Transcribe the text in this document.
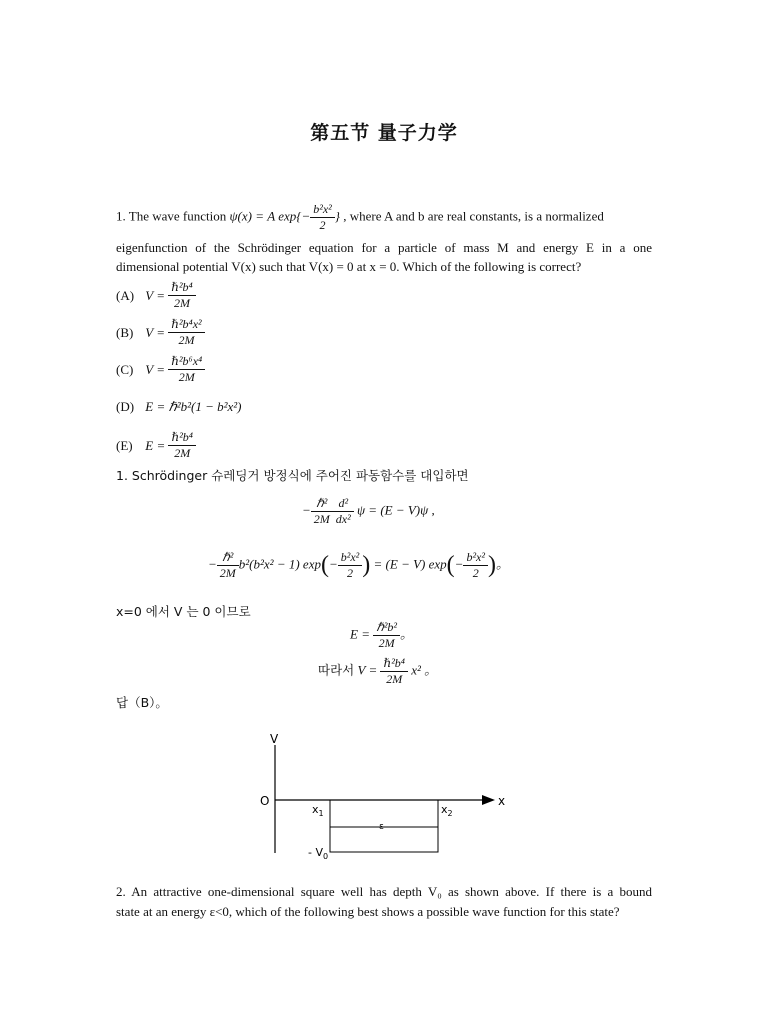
第五节 量子力学
1. The wave function ψ(x) = A $\exp\{- \frac{\text{b²x²}}{2}$ } , where A and b are real constants, is a normalized
eigenfunction of the Schrödinger equation for a particle of mass M and energy E in a one
dimensional potential V(x) such that V(x) = 0 at x = 0. Which of the following is correct?
(A) $V = \frac{\text{ℏ²b⁴}}{2M}$
(B) $V = \frac{\text{ℏ²b⁴x²}}{2M}$
(C) $V = \frac{\text{ℏ²b⁶x⁴}}{2M}$
(D) E = ℏ²b²(1 − b²x²)
(E) $E = \frac{\text{ℏ²b⁴}}{2M}$
1. Schrödinger 슈레딩거 방정식에 주어진 파동함수를 대입하면
− $\frac{\text{ℏ²}}{2M} \frac{\text{d²}}{\text{dx²}}$ ψ = (E − V)ψ ,
− $\frac{\text{ℏ²}}{2M} b^2(b^2x^2 - 1)$ $\exp(- \frac{\text{b²x²}}{2}$ ) = (E − V) $\exp(- \frac{\text{b²x²}}{2}$ )。
x=0 에서 V 는 0 이므로
$E = \frac{\text{ℏ²b²}}{2M}$ 。
따라서 $V = \frac{\text{ℏ²b⁴}}{2M} x^2$ 。
답（B）。
V
O	x
$x_1$	$x_2$
ε
- $V_0$
2. An attractive one-dimensional square well has depth V₀ as shown above. If there is a bound
state at an energy ε<0, which of the following best shows a possible wave function for this state?
